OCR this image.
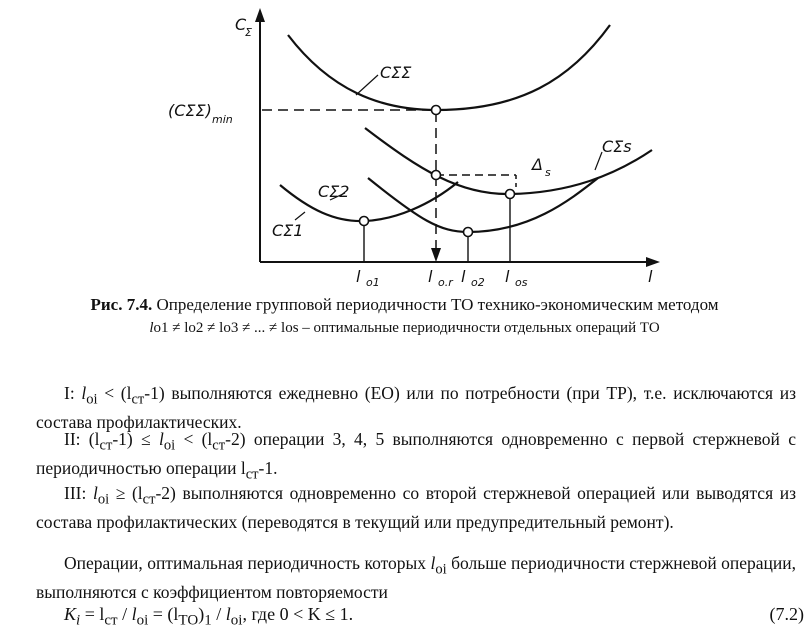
C
Σ
l
(CΣΣ) min
CΣΣ
CΣs
CΣ2
CΣ1
Δ s
l o1	l o.r l o2 l os
Рис. 7.4. Определение групповой периодичности ТО технико-экономическим методом
lo1 ≠ lo2 ≠ lo3 ≠ ... ≠ los – оптимальные периодичности отдельных операций ТО
I: $l_{oi} < (l_{ст}-1)$ выполняются ежедневно (ЕО) или по потребности (при ТР), т.е. исключаются из состава профилактических.
II: $(l_{ст}-1) \le l_{oi} < (l_{ст}-2)$ операции 3, 4, 5 выполняются одновременно с первой стержневой с периодичностью операции $l_{ст}-1$.
III: $l_{oi} \ge (l_{ст}-2)$ выполняются одновременно со второй стержневой операцией или выводятся из состава профилактических (переводятся в текущий или предупредительный ремонт).
Операции, оптимальная периодичность которых $l_{oi}$ больше периодичности стержневой операции, выполняются с коэффициентом повторяемости
$K_i = l_{ст} / l_{oi} = (l_{ТО})_1 / l_{oi}$, где 0 < K ≤ 1.	(7.2)
